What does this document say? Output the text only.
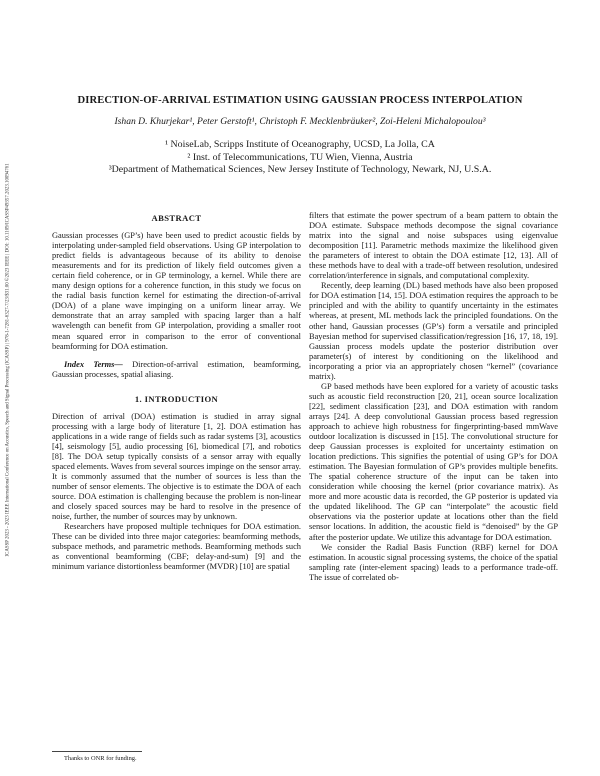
ICASSP 2023 - 2023 IEEE International Conference on Acoustics, Speech and Signal Processing (ICASSP) | 978-1-7281-6327-7/23/$31.00 ©2023 IEEE | DOI: 10.1109/ICASSP49357.2023.10094761
DIRECTION-OF-ARRIVAL ESTIMATION USING GAUSSIAN PROCESS INTERPOLATION
Ishan D. Khurjekar¹, Peter Gerstoft¹, Christoph F. Mecklenbräuker², Zoi-Heleni Michalopoulou³
¹ NoiseLab, Scripps Institute of Oceanography, UCSD, La Jolla, CA
² Inst. of Telecommunications, TU Wien, Vienna, Austria
³Department of Mathematical Sciences, New Jersey Institute of Technology, Newark, NJ, U.S.A.
ABSTRACT

Gaussian processes (GP’s) have been used to predict acoustic fields by interpolating under-sampled field observations. Using GP interpolation to predict fields is advantageous because of its ability to denoise measurements and for its prediction of likely field outcomes given a certain field coherence, or in GP terminology, a kernel. While there are many design options for a coherence function, in this study we focus on the radial basis function kernel for estimating the direction-of-arrival (DOA) of a plane wave impinging on a uniform linear array. We demonstrate that an array sampled with spacing larger than a half wavelength can benefit from GP interpolation, providing a smaller root mean squared error in comparison to the error of conventional beamforming for DOA estimation.

Index Terms— Direction-of-arrival estimation, beamforming, Gaussian processes, spatial aliasing.

1. INTRODUCTION

Direction of arrival (DOA) estimation is studied in array signal processing with a large body of literature [1, 2]. DOA estimation has applications in a wide range of fields such as radar systems [3], acoustics [4], seismology [5], audio processing [6], biomedical [7], and robotics [8]. The DOA setup typically consists of a sensor array with equally spaced elements. Waves from several sources impinge on the sensor array. It is commonly assumed that the number of sources is less than the number of sensor elements. The objective is to estimate the DOA of each source. DOA estimation is challenging because the problem is non-linear and closely spaced sources may be hard to resolve in the presence of noise, further, the number of sources may by unknown.

Researchers have proposed multiple techniques for DOA estimation. These can be divided into three major categories: beamforming methods, subspace methods, and parametric methods. Beamforming methods such as conventional beamforming (CBF; delay-and-sum) [9] and the minimum variance distortionless beamformer (MVDR) [10] are spatial

filters that estimate the power spectrum of a beam pattern to obtain the DOA estimate. Subspace methods decompose the signal covariance matrix into the signal and noise subspaces using eigenvalue decomposition [11]. Parametric methods maximize the likelihood given the parameters of interest to obtain the DOA estimate [12, 13]. All of these methods have to deal with a trade-off between resolution, undesired correlation/interference in signals, and computational complexity.

Recently, deep learning (DL) based methods have also been proposed for DOA estimation [14, 15]. DOA estimation requires the approach to be principled and with the ability to quantify uncertainty in the estimates whereas, at present, ML methods lack the principled foundations. On the other hand, Gaussian processes (GP’s) form a versatile and principled Bayesian method for supervised classification/regression [16, 17, 18, 19]. Gaussian process models update the posterior distribution over parameter(s) of interest by conditioning on the likelihood and incorporating a prior via an appropriately chosen “kernel” (covariance matrix).

GP based methods have been explored for a variety of acoustic tasks such as acoustic field reconstruction [20, 21], ocean source localization [22], sediment classification [23], and DOA estimation with random arrays [24]. A deep convolutional Gaussian process based regression approach to achieve high robustness for fingerprinting-based mmWave outdoor localization is discussed in [15]. The convolutional structure for deep Gaussian processes is exploited for uncertainty estimation on location predictions. This signifies the potential of using GP’s for DOA estimation. The Bayesian formulation of GP’s provides multiple benefits. The spatial coherence structure of the input can be taken into consideration while choosing the kernel (prior covariance matrix). As more and more acoustic data is recorded, the GP posterior is updated via the updated likelihood. The GP can “interpolate” the acoustic field observations via the posterior update at locations other than the field sensor locations. In addition, the acoustic field is “denoised” by the GP after the posterior update. We utilize this advantage for DOA estimation.

We consider the Radial Basis Function (RBF) kernel for DOA estimation. In acoustic signal processing systems, the choice of the spatial sampling rate (inter-element spacing) leads to a performance trade-off. The issue of correlated ob-

Thanks to ONR for funding.
